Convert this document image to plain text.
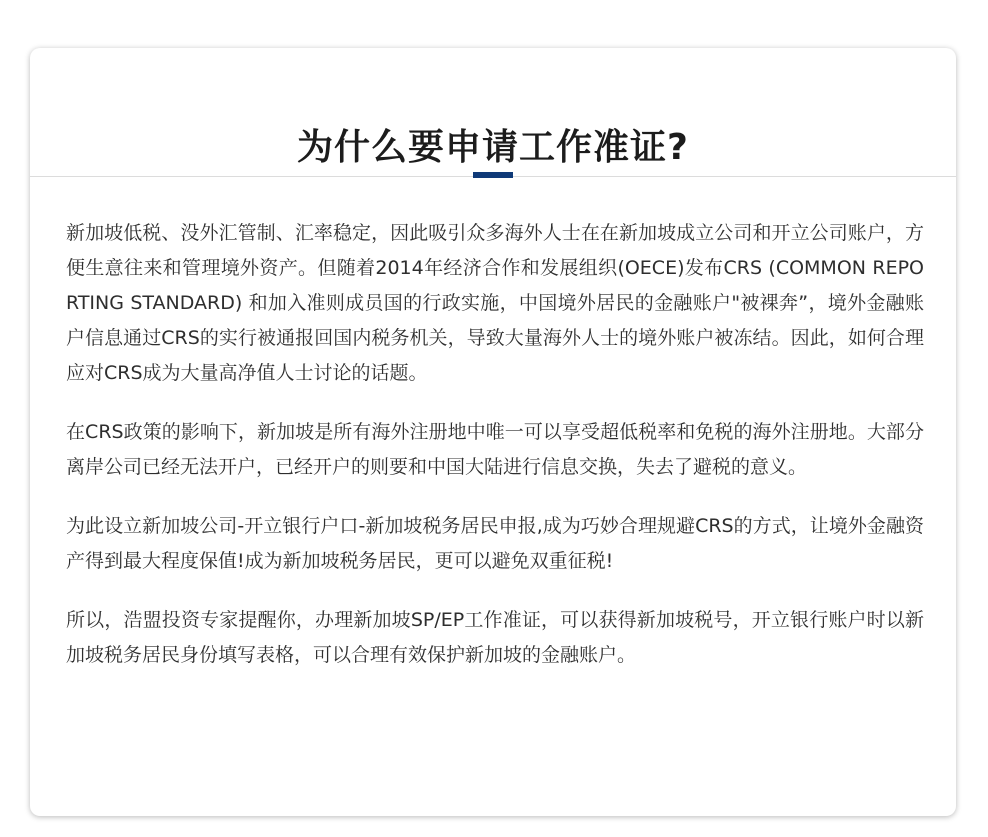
为什么要申请工作准证?

新加坡低税、没外汇管制、汇率稳定，因此吸引众多海外人士在在新加坡成立公司和开立公司账户，方便生意往来和管理境外资产。但随着2014年经济合作和发展组织(OECE)发布CRS (COMMON REPORTING STANDARD) 和加入准则成员国的行政实施，中国境外居民的金融账户"被裸奔”，境外金融账户信息通过CRS的实行被通报回国内税务机关，导致大量海外人士的境外账户被冻结。因此，如何合理应对CRS成为大量高净值人士讨论的话题。

在CRS政策的影响下，新加坡是所有海外注册地中唯一可以享受超低税率和免税的海外注册地。大部分离岸公司已经无法开户，已经开户的则要和中国大陆进行信息交换，失去了避税的意义。

为此设立新加坡公司-开立银行户口-新加坡税务居民申报,成为巧妙合理规避CRS的方式，让境外金融资产得到最大程度保值!成为新加坡税务居民，更可以避免双重征税!

所以，浩盟投资专家提醒你，办理新加坡SP/EP工作准证，可以获得新加坡税号，开立银行账户时以新加坡税务居民身份填写表格，可以合理有效保护新加坡的金融账户。
